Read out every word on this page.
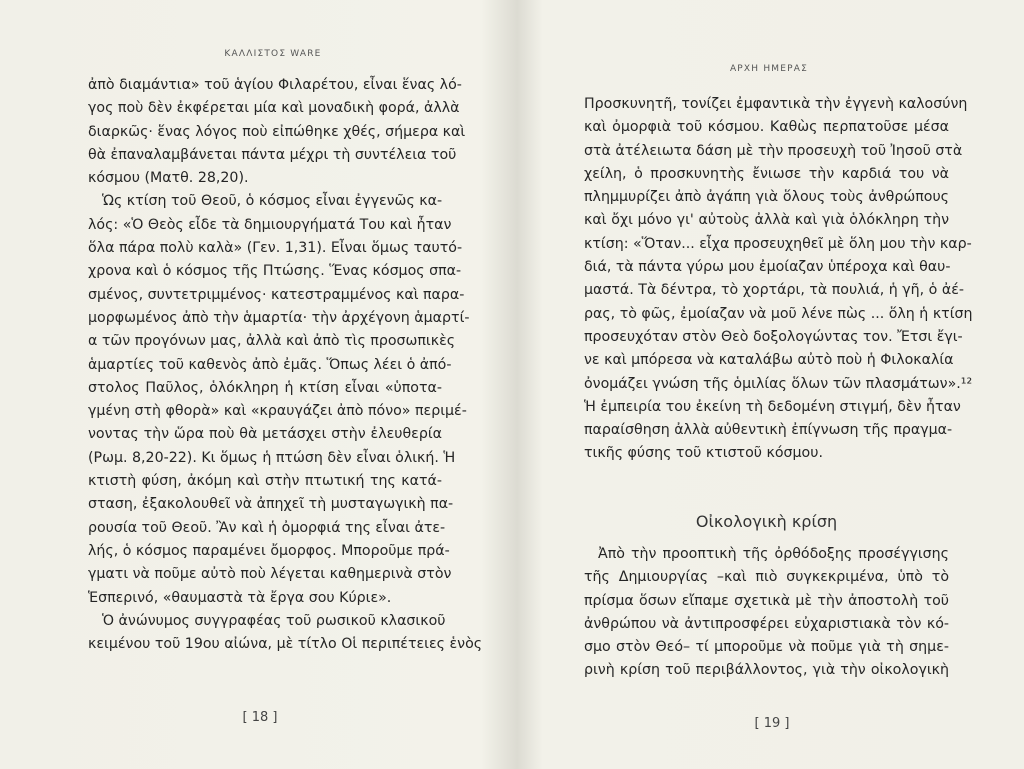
ΚΑΛΛΙΣΤΟΣ WARE
ἀπὸ διαμάντια» τοῦ ἁγίου Φιλαρέτου, εἶναι ἕνας λό-
γος ποὺ δὲν ἐκφέρεται μία καὶ μοναδικὴ φορά, ἀλλὰ
διαρκῶς· ἕνας λόγος ποὺ εἰπώθηκε χθές, σήμερα καὶ
θὰ ἐπαναλαμβάνεται πάντα μέχρι τὴ συντέλεια τοῦ
κόσμου (Ματθ. 28,20).
Ὡς κτίση τοῦ Θεοῦ, ὁ κόσμος εἶναι ἐγγενῶς κα-
λός: «Ὁ Θεὸς εἶδε τὰ δημιουργήματά Του καὶ ἦταν
ὅλα πάρα πολὺ καλὰ» (Γεν. 1,31). Εἶναι ὅμως ταυτό-
χρονα καὶ ὁ κόσμος τῆς Πτώσης. Ἕνας κόσμος σπα-
σμένος, συντετριμμένος· κατεστραμμένος καὶ παρα-
μορφωμένος ἀπὸ τὴν ἁμαρτία· τὴν ἀρχέγονη ἁμαρτί-
α τῶν προγόνων μας, ἀλλὰ καὶ ἀπὸ τὶς προσωπικὲς
ἁμαρτίες τοῦ καθενὸς ἀπὸ ἐμᾶς. Ὅπως λέει ὁ ἀπό-
στολος Παῦλος, ὁλόκληρη ἡ κτίση εἶναι «ὑποτα-
γμένη στὴ φθορὰ» καὶ «κραυγάζει ἀπὸ πόνο» περιμέ-
νοντας τὴν ὥρα ποὺ θὰ μετάσχει στὴν ἐλευθερία
(Ρωμ. 8,20-22). Κι ὅμως ἡ πτώση δὲν εἶναι ὁλική. Ἡ
κτιστὴ φύση, ἀκόμη καὶ στὴν πτωτική της κατά-
σταση, ἐξακολουθεῖ νὰ ἀπηχεῖ τὴ μυσταγωγικὴ πα-
ρουσία τοῦ Θεοῦ. Ἂν καὶ ἡ ὀμορφιά της εἶναι ἀτε-
λής, ὁ κόσμος παραμένει ὄμορφος. Μποροῦμε πρά-
γματι νὰ ποῦμε αὐτὸ ποὺ λέγεται καθημερινὰ στὸν
Ἑσπερινό, «θαυμαστὰ τὰ ἔργα σου Κύριε».
Ὁ ἀνώνυμος συγγραφέας τοῦ ρωσικοῦ κλασικοῦ
κειμένου τοῦ 19ου αἰώνα, μὲ τίτλο Οἱ περιπέτειες ἑνὸς
[ 18 ]
ΑΡΧΗ ΗΜΕΡΑΣ
Προσκυνητῆ, τονίζει ἐμφαντικὰ τὴν ἐγγενὴ καλοσύνη
καὶ ὀμορφιὰ τοῦ κόσμου. Καθὼς περπατοῦσε μέσα
στὰ ἀτέλειωτα δάση μὲ τὴν προσευχὴ τοῦ Ἰησοῦ στὰ
χείλη, ὁ προσκυνητὴς ἔνιωσε τὴν καρδιά του νὰ
πλημμυρίζει ἀπὸ ἀγάπη γιὰ ὅλους τοὺς ἀνθρώπους
καὶ ὄχι μόνο γι' αὐτοὺς ἀλλὰ καὶ γιὰ ὁλόκληρη τὴν
κτίση: «Ὅταν... εἶχα προσευχηθεῖ μὲ ὅλη μου τὴν καρ-
διά, τὰ πάντα γύρω μου ἐμοίαζαν ὑπέροχα καὶ θαυ-
μαστά. Τὰ δέντρα, τὸ χορτάρι, τὰ πουλιά, ἡ γῆ, ὁ ἀέ-
ρας, τὸ φῶς, ἐμοίαζαν νὰ μοῦ λένε πὼς ... ὅλη ἡ κτίση
προσευχόταν στὸν Θεὸ δοξολογώντας τον. Ἔτσι ἔγι-
νε καὶ μπόρεσα νὰ καταλάβω αὐτὸ ποὺ ἡ Φιλοκαλία
ὀνομάζει γνώση τῆς ὁμιλίας ὅλων τῶν πλασμάτων».¹²
Ἡ ἐμπειρία του ἐκείνη τὴ δεδομένη στιγμή, δὲν ἦταν
παραίσθηση ἀλλὰ αὐθεντικὴ ἐπίγνωση τῆς πραγμα-
τικῆς φύσης τοῦ κτιστοῦ κόσμου.
Οἰκολογικὴ κρίση
Ἀπὸ τὴν προοπτικὴ τῆς ὀρθόδοξης προσέγγισης
τῆς Δημιουργίας –καὶ πιὸ συγκεκριμένα, ὑπὸ τὸ
πρίσμα ὅσων εἴπαμε σχετικὰ μὲ τὴν ἀποστολὴ τοῦ
ἀνθρώπου νὰ ἀντιπροσφέρει εὐχαριστιακὰ τὸν κό-
σμο στὸν Θεό– τί μποροῦμε νὰ ποῦμε γιὰ τὴ σημε-
ρινὴ κρίση τοῦ περιβάλλοντος, γιὰ τὴν οἰκολογικὴ
[ 19 ]
